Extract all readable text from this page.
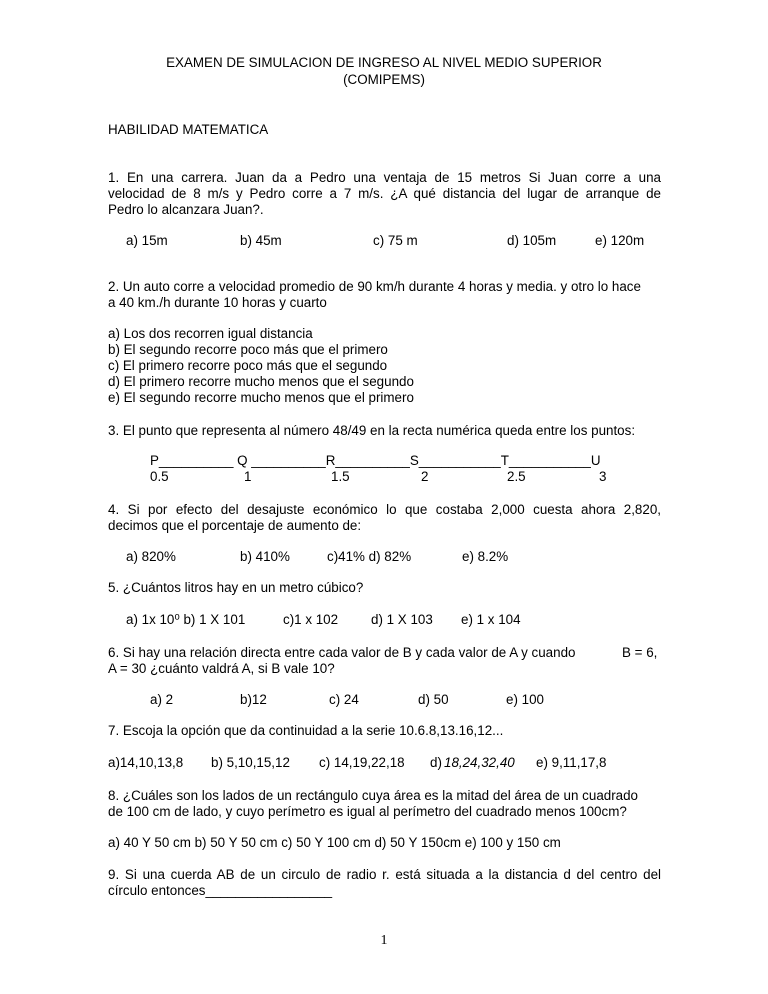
EXAMEN DE SIMULACION DE INGRESO AL NIVEL MEDIO SUPERIOR
(COMIPEMS)
HABILIDAD MATEMATICA
1. En una carrera. Juan da a Pedro una ventaja de 15 metros Si Juan corre a una
velocidad de 8 m/s y Pedro corre a 7 m/s. ¿A qué distancia del lugar de arranque de
Pedro lo alcanzara Juan?.
a) 15m	b) 45m	c) 75 m	d) 105m	e) 120m
2. Un auto corre a velocidad promedio de 90 km/h durante 4 horas y media. y otro lo hace
a 40 km./h durante 10 horas y cuarto
a) Los dos recorren igual distancia
b) El segundo recorre poco más que el primero
c) El primero recorre poco más que el segundo
d) El primero recorre mucho menos que el segundo
e) El segundo recorre mucho menos que el primero
3. El punto que representa al número 48/49 en la recta numérica queda entre los puntos:
P__________ Q __________R__________S___________T___________U
0.5	1	1.5	2	2.5	3
4. Si por efecto del desajuste económico lo que costaba 2,000 cuesta ahora 2,820,
decimos que el porcentaje de aumento de:
a) 820%	b) 410%	c)41% d) 82%	e) 8.2%
5. ¿Cuántos litros hay en un metro cúbico?
a) 1x 10⁰ b) 1 X 101	c)1 x 102 d) 1 X 103 e) 1 x 104
6. Si hay una relación directa entre cada valor de B y cada valor de A y cuando	B = 6,
A = 30 ¿cuánto valdrá A, si B vale 10?
a) 2	b)12	c) 24	d) 50	e) 100
7. Escoja la opción que da continuidad a la serie 10.6.8,13.16,12...
a)14,10,13,8 b) 5,10,15,12 c) 14,19,22,18 d) 18,24,32,40 e) 9,11,17,8
8. ¿Cuáles son los lados de un rectángulo cuya área es la mitad del área de un cuadrado
de 100 cm de lado, y cuyo perímetro es igual al perímetro del cuadrado menos 100cm?
a) 40 Y 50 cm b) 50 Y 50 cm c) 50 Y 100 cm d) 50 Y 150cm e) 100 y 150 cm
9. Si una cuerda AB de un circulo de radio r. está situada a la distancia d del centro del
círculo entonces_________________
1
